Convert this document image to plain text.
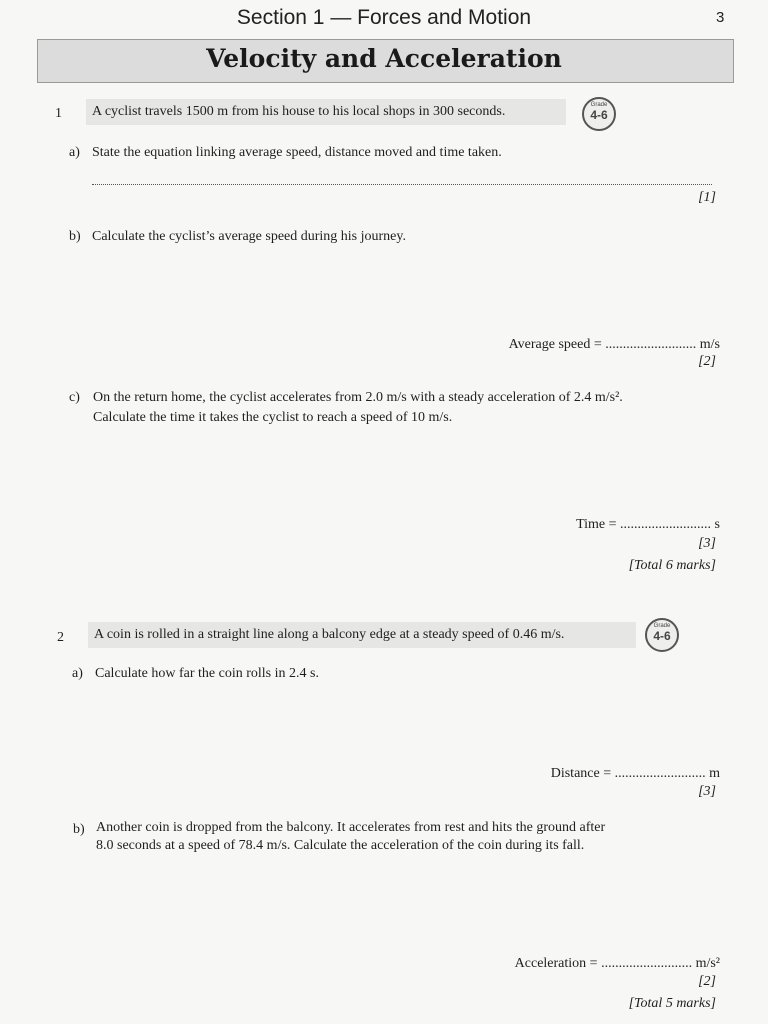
Section 1 — Forces and Motion	3
Velocity and Acceleration
1 A cyclist travels 1500 m from his house to his local shops in 300 seconds.	Grade
4-6
a) State the equation linking average speed, distance moved and time taken.
[1]
b) Calculate the cyclist’s average speed during his journey.
Average speed = .......................... m/s
[2]
c) On the return home, the cyclist accelerates from 2.0 m/s with a steady acceleration of 2.4 m/s².
Calculate the time it takes the cyclist to reach a speed of 10 m/s.
Time = .......................... s
[3]
[Total 6 marks]
2 A coin is rolled in a straight line along a balcony edge at a steady speed of 0.46 m/s.
Grade
4-6
a) Calculate how far the coin rolls in 2.4 s.
Distance = .......................... m
[3]
b) Another coin is dropped from the balcony. It accelerates from rest and hits the ground after
8.0 seconds at a speed of 78.4 m/s. Calculate the acceleration of the coin during its fall.
Acceleration = .......................... m/s²
[2]
[Total 5 marks]
